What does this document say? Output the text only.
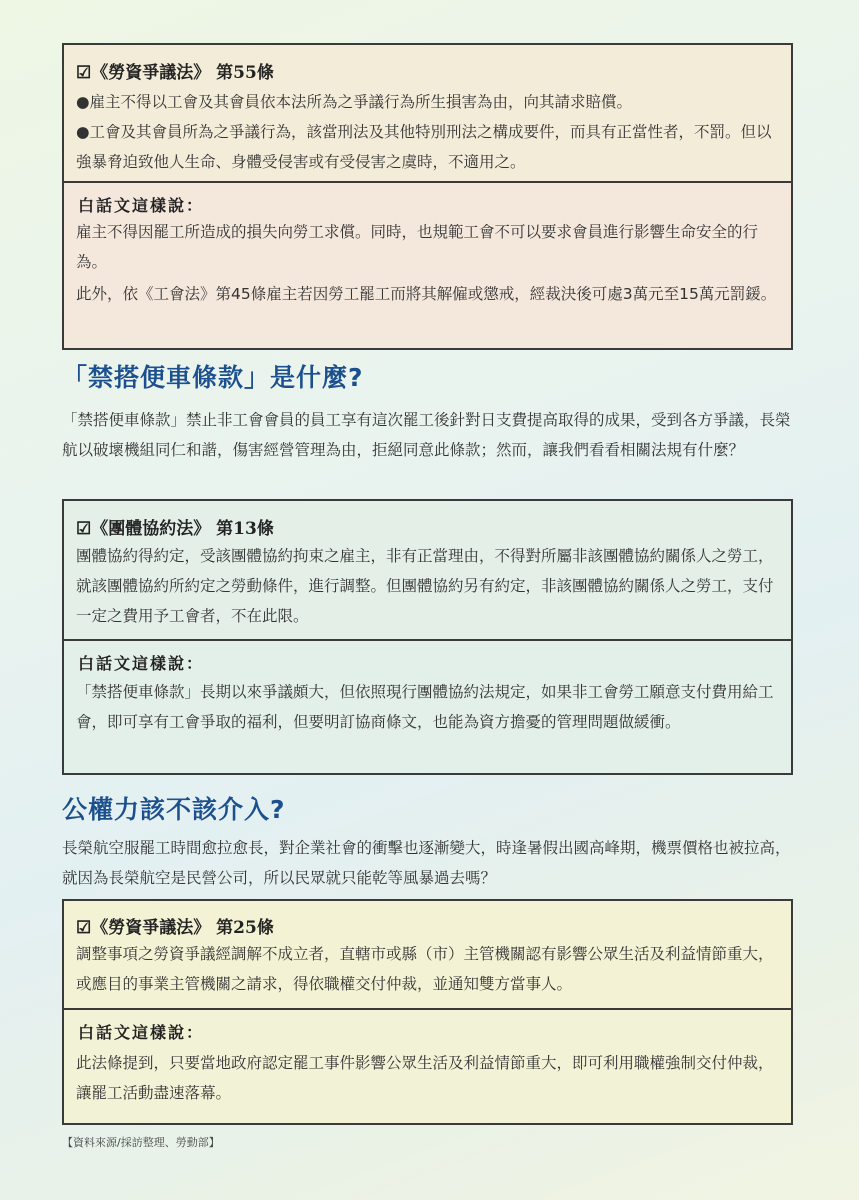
☑《勞資爭議法》 第55條

●雇主不得以工會及其會員依本法所為之爭議行為所生損害為由，向其請求賠償。

●工會及其會員所為之爭議行為，該當刑法及其他特別刑法之構成要件，而具有正當性者，不罰。但以強暴脅迫致他人生命、身體受侵害或有受侵害之虞時，不適用之。

白話文這樣說：

雇主不得因罷工所造成的損失向勞工求償。同時，也規範工會不可以要求會員進行影響生命安全的行為。

此外，依《工會法》第45條雇主若因勞工罷工而將其解僱或懲戒，經裁決後可處3萬元至15萬元罰鍰。

「禁搭便車條款」是什麼?

「禁搭便車條款」禁止非工會會員的員工享有這次罷工後針對日支費提高取得的成果，受到各方爭議，長榮航以破壞機組同仁和諧，傷害經營管理為由，拒絕同意此條款；然而，讓我們看看相關法規有什麼？

☑《團體協約法》 第13條

團體協約得約定，受該團體協約拘束之雇主，非有正當理由，不得對所屬非該團體協約關係人之勞工，就該團體協約所約定之勞動條件，進行調整。但團體協約另有約定，非該團體協約關係人之勞工，支付一定之費用予工會者，不在此限。

白話文這樣說：

「禁搭便車條款」長期以來爭議頗大，但依照現行團體協約法規定，如果非工會勞工願意支付費用給工會，即可享有工會爭取的福利，但要明訂協商條文，也能為資方擔憂的管理問題做緩衝。

公權力該不該介入?

長榮航空服罷工時間愈拉愈長，對企業社會的衝擊也逐漸變大，時逢暑假出國高峰期，機票價格也被拉高，就因為長榮航空是民營公司，所以民眾就只能乾等風暴過去嗎？

☑《勞資爭議法》 第25條

調整事項之勞資爭議經調解不成立者，直轄市或縣（市）主管機關認有影響公眾生活及利益情節重大，或應目的事業主管機關之請求，得依職權交付仲裁，並通知雙方當事人。

白話文這樣說：

此法條提到，只要當地政府認定罷工事件影響公眾生活及利益情節重大，即可利用職權強制交付仲裁，讓罷工活動盡速落幕。

【資料來源/採訪整理、勞動部】
